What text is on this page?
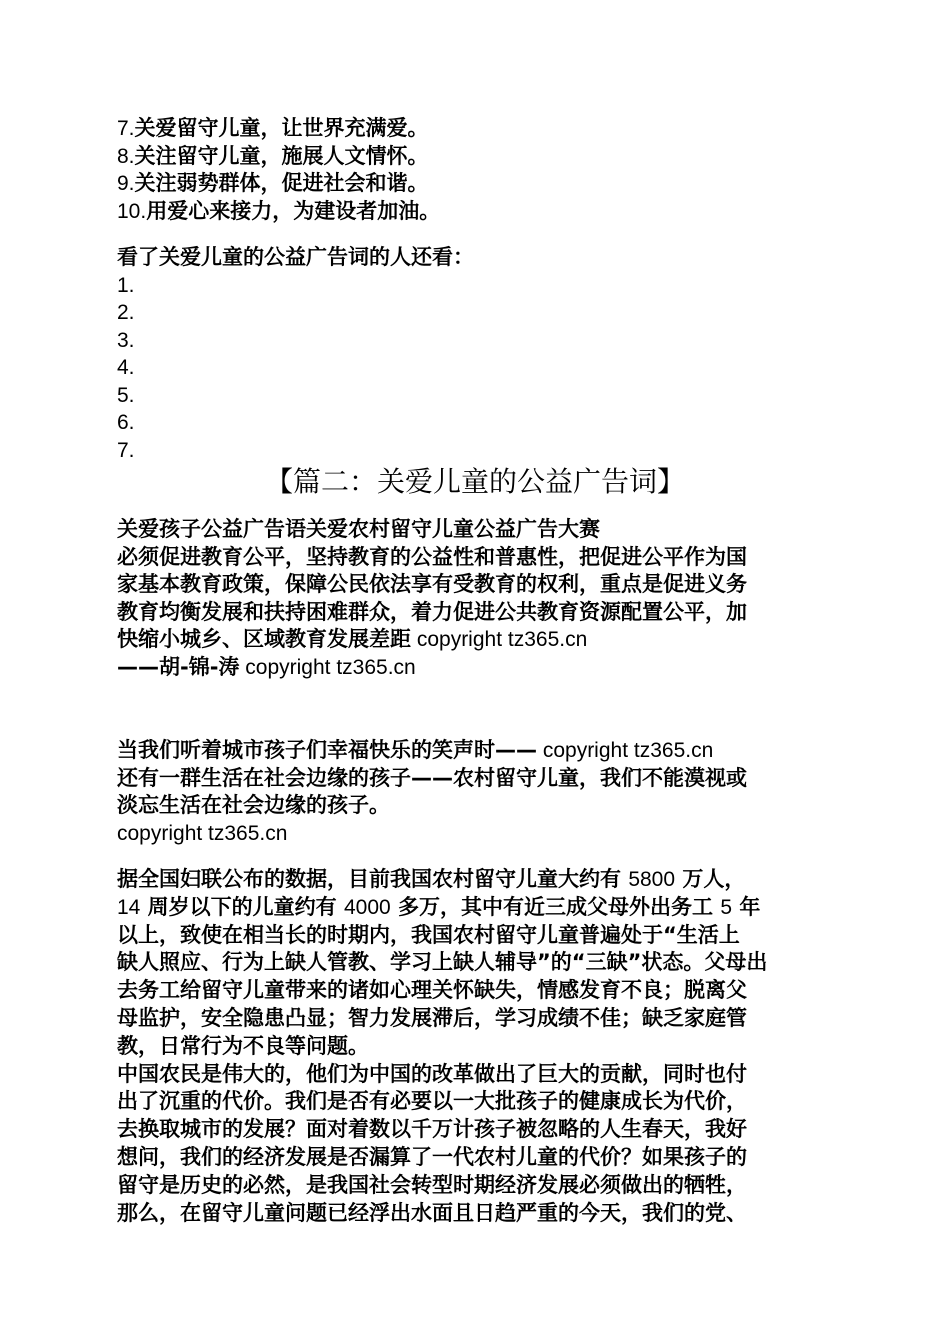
7.关爱留守儿童，让世界充满爱。
8.关注留守儿童，施展人文情怀。
9.关注弱势群体，促进社会和谐。
10.用爱心来接力，为建设者加油。
看了关爱儿童的公益广告词的人还看：
1.
2.
3.
4.
5.
6.
7.
【篇二：关爱儿童的公益广告词】
关爱孩子公益广告语关爱农村留守儿童公益广告大赛
必须促进教育公平，坚持教育的公益性和普惠性，把促进公平作为国
家基本教育政策，保障公民依法享有受教育的权利，重点是促进义务
教育均衡发展和扶持困难群众，着力促进公共教育资源配置公平，加
快缩小城乡、区域教育发展差距 copyright tz365.cn
——胡-锦-涛 copyright tz365.cn
当我们听着城市孩子们幸福快乐的笑声时—— copyright tz365.cn
还有一群生活在社会边缘的孩子——农村留守儿童，我们不能漠视或
淡忘生活在社会边缘的孩子。
copyright tz365.cn
据全国妇联公布的数据，目前我国农村留守儿童大约有 5800 万人，
14 周岁以下的儿童约有 4000 多万，其中有近三成父母外出务工 5 年
以上，致使在相当长的时期内，我国农村留守儿童普遍处于“生活上
缺人照应、行为上缺人管教、学习上缺人辅导”的“三缺”状态。父母出
去务工给留守儿童带来的诸如心理关怀缺失，情感发育不良；脱离父
母监护，安全隐患凸显；智力发展滞后，学习成绩不佳；缺乏家庭管
教，日常行为不良等问题。
中国农民是伟大的，他们为中国的改革做出了巨大的贡献，同时也付
出了沉重的代价。我们是否有必要以一大批孩子的健康成长为代价，
去换取城市的发展？面对着数以千万计孩子被忽略的人生春天，我好
想问，我们的经济发展是否漏算了一代农村儿童的代价？如果孩子的
留守是历史的必然，是我国社会转型时期经济发展必须做出的牺牲，
那么，在留守儿童问题已经浮出水面且日趋严重的今天，我们的党、
